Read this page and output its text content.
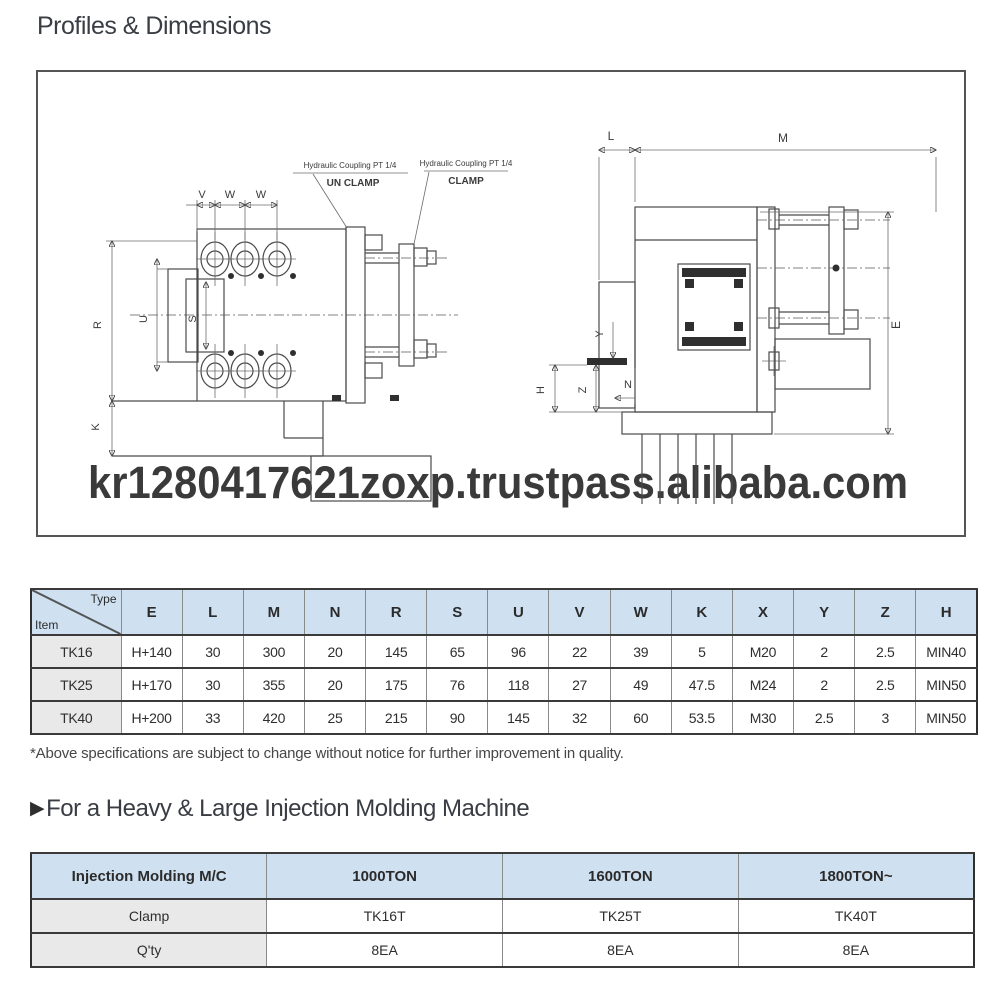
Profiles & Dimensions
kr1280417621zoxp.trustpass.alibaba.com
V W W
R
U	S
K
Hydraulic Coupling PT 1/4
UN CLAMP
Hydraulic Coupling PT 1/4
CLAMP
L	M
E
Y
H	Z	N
Type
Item	E	L	M	N	R	S	U	V	W	K	X	Y	Z	H
TK16	H+140	30	300	20	145	65	96	22	39	5	M20	2	2.5	MIN40
TK25	H+170	30	355	20	175	76	118	27	49	47.5	M24	2	2.5	MIN50
TK40	H+200	33	420	25	215	90	145	32	60	53.5	M30	2.5	3	MIN50
*Above specifications are subject to change without notice for further improvement in quality.
▶For a Heavy & Large Injection Molding Machine
Injection Molding M/C	1000TON	1600TON	1800TON~
Clamp	TK16T	TK25T	TK40T
Q'ty	8EA	8EA	8EA
